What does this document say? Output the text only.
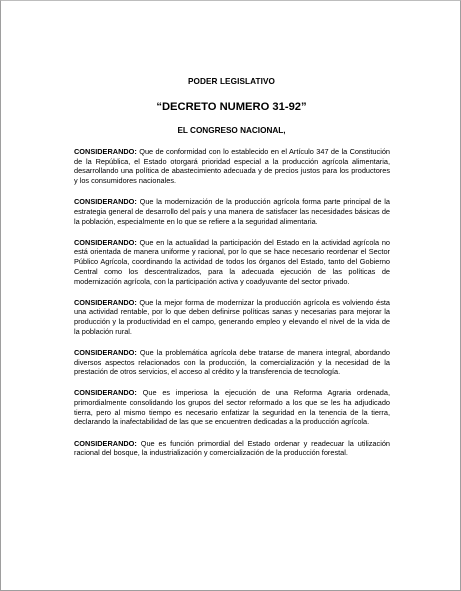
PODER LEGISLATIVO
“DECRETO NUMERO 31-92”
EL CONGRESO NACIONAL,

CONSIDERANDO: Que de conformidad con lo establecido en el Artículo 347 de la Constitución de la República, el Estado otorgará prioridad especial a la producción agrícola alimentaria, desarrollando una política de abastecimiento adecuada y de precios justos para los productores y los consumidores nacionales.

CONSIDERANDO: Que la modernización de la producción agrícola forma parte principal de la estrategia general de desarrollo del país y una manera de satisfacer las necesidades básicas de la población, especialmente en lo que se refiere a la seguridad alimentaria.

CONSIDERANDO: Que en la actualidad la participación del Estado en la actividad agrícola no está orientada de manera uniforme y racional, por lo que se hace necesario reordenar el Sector Público Agrícola, coordinando la actividad de todos los órganos del Estado, tanto del Gobierno Central como los descentralizados, para la adecuada ejecución de las políticas de modernización agrícola, con la participación activa y coadyuvante del sector privado.

CONSIDERANDO: Que la mejor forma de modernizar la producción agrícola es volviendo ésta una actividad rentable, por lo que deben definirse políticas sanas y necesarias para mejorar la producción y la productividad en el campo, generando empleo y elevando el nivel de la vida de la población rural.

CONSIDERANDO: Que la problemática agrícola debe tratarse de manera integral, abordando diversos aspectos relacionados con la producción, la comercialización y la necesidad de la prestación de otros servicios, el acceso al crédito y la transferencia de tecnología.

CONSIDERANDO: Que es imperiosa la ejecución de una Reforma Agraria ordenada, primordialmente consolidando los grupos del sector reformado a los que se les ha adjudicado tierra, pero al mismo tiempo es necesario enfatizar la seguridad en la tenencia de la tierra, declarando la inafectabilidad de las que se encuentren dedicadas a la producción agrícola.

CONSIDERANDO: Que es función primordial del Estado ordenar y readecuar la utilización racional del bosque, la industrialización y comercialización de la producción forestal.
